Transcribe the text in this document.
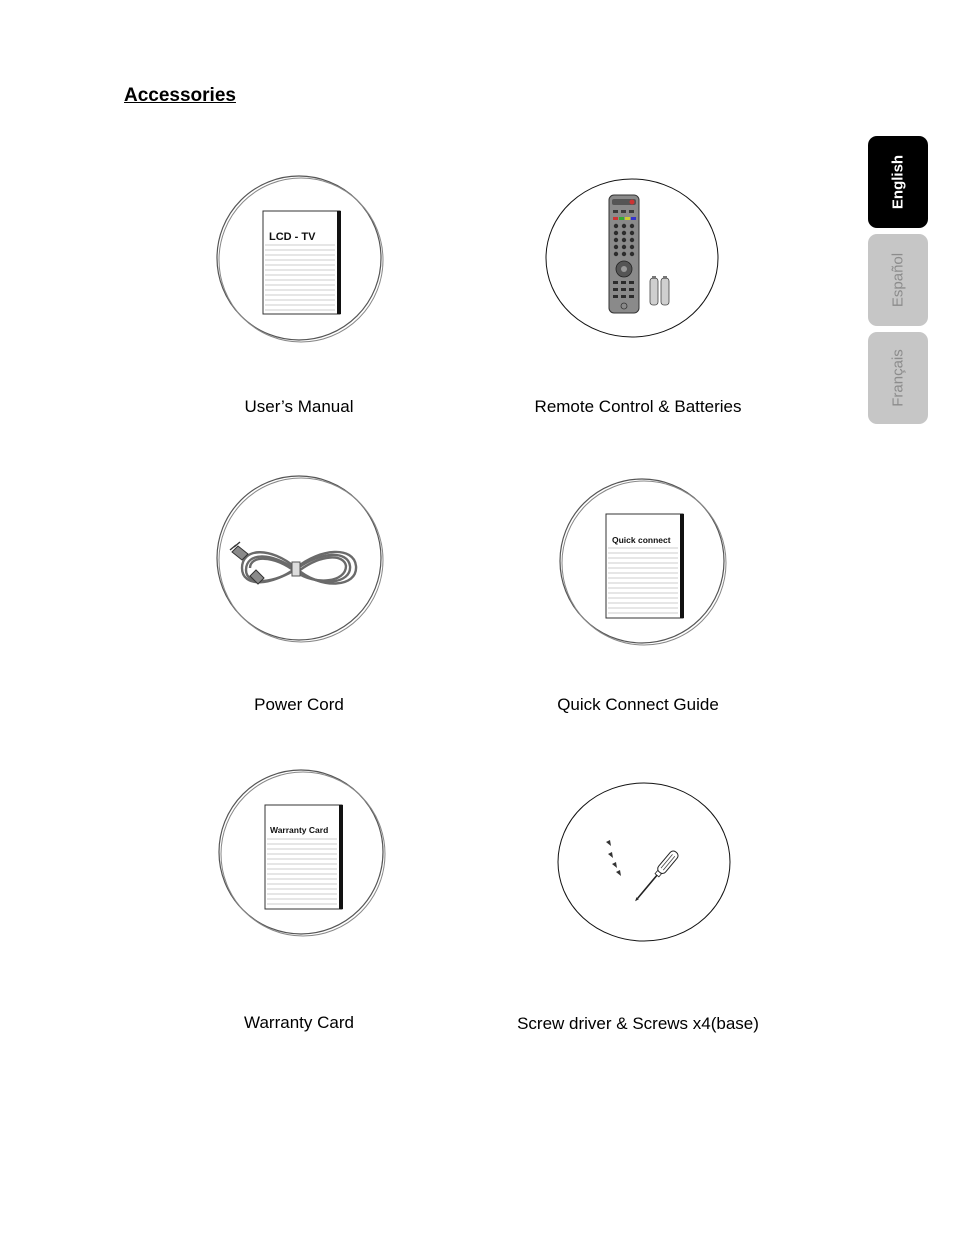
Accessories
English
Español
Français
LCD - TV
User’s Manual	Remote Control & Batteries
Power Cord
Quick connect
Quick Connect Guide
Warranty Card
Warranty Card	Screw driver & Screws x4(base)
